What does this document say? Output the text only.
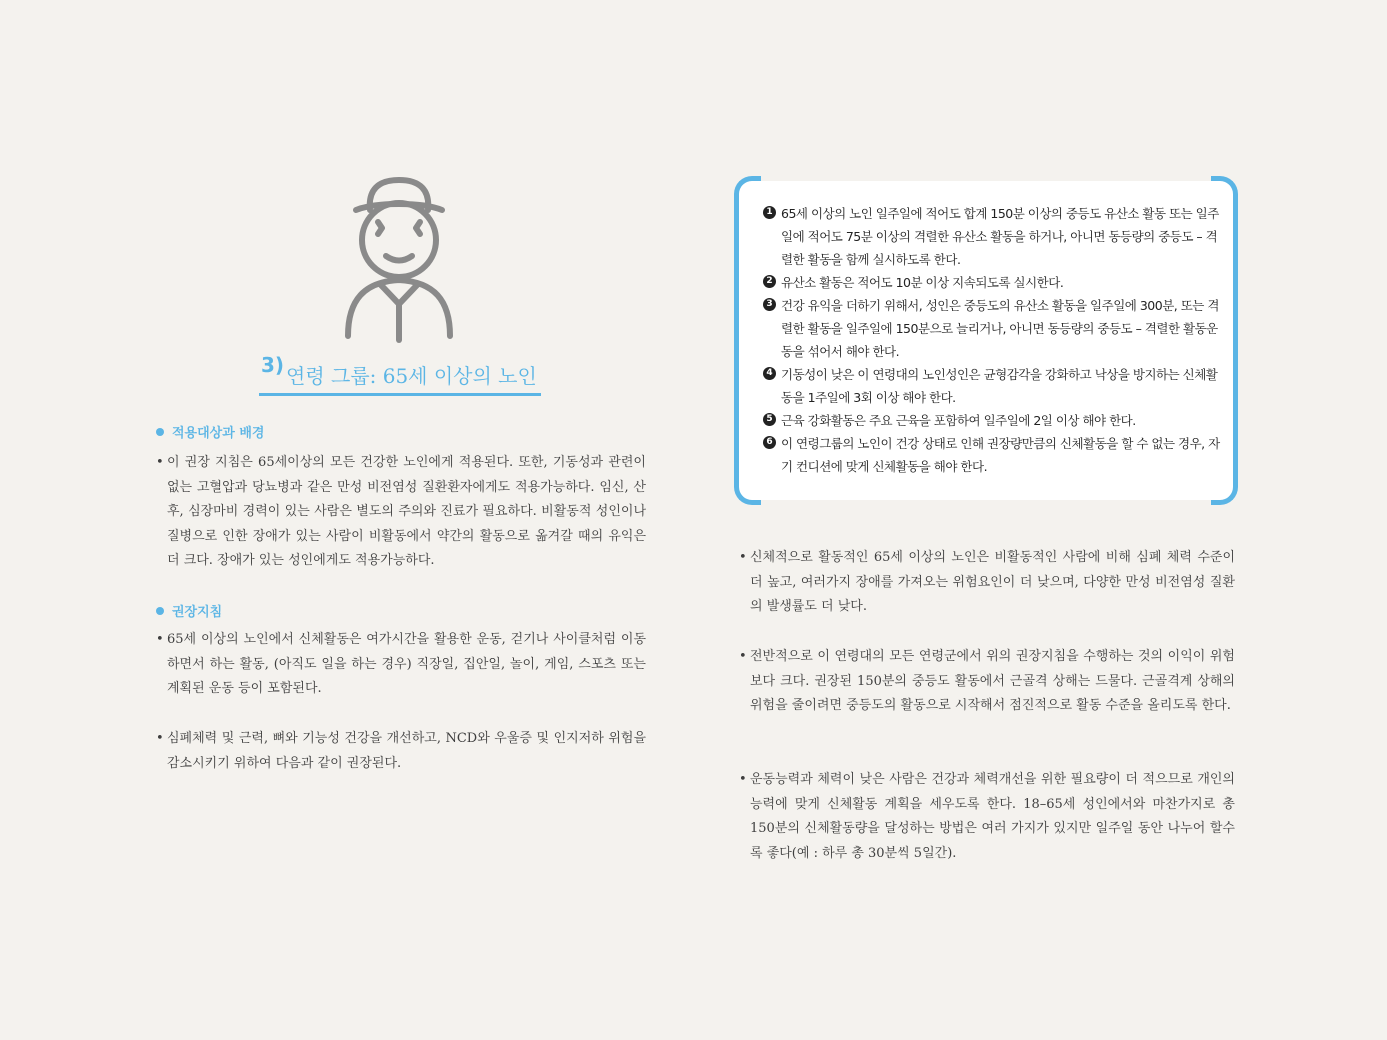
3) 연령 그룹: 65세 이상의 노인
적용대상과 배경
• 이 권장 지침은 65세이상의 모든 건강한 노인에게 적용된다. 또한, 기동성과 관련이 없는 고혈압과 당뇨병과 같은 만성 비전염성 질환환자에게도 적용가능하다. 임신, 산후, 심장마비 경력이 있는 사람은 별도의 주의와 진료가 필요하다. 비활동적 성인이나 질병으로 인한 장애가 있는 사람이 비활동에서 약간의 활동으로 옮겨갈 때의 유익은 더 크다. 장애가 있는 성인에게도 적용가능하다.
권장지침
• 65세 이상의 노인에서 신체활동은 여가시간을 활용한 운동, 걷기나 사이클처럼 이동하면서 하는 활동, (아직도 일을 하는 경우) 직장일, 집안일, 놀이, 게임, 스포츠 또는 계획된 운동 등이 포함된다.
• 심폐체력 및 근력, 뼈와 기능성 건강을 개선하고, NCD와 우울증 및 인지저하 위험을 감소시키기 위하여 다음과 같이 권장된다.
1 65세 이상의 노인 일주일에 적어도 합계 150분 이상의 중등도 유산소 활동 또는 일주일에 적어도 75분 이상의 격렬한 유산소 활동을 하거나, 아니면 동등량의 중등도 – 격렬한 활동을 함께 실시하도록 한다.
2 유산소 활동은 적어도 10분 이상 지속되도록 실시한다.
3 건강 유익을 더하기 위해서, 성인은 중등도의 유산소 활동을 일주일에 300분, 또는 격렬한 활동을 일주일에 150분으로 늘리거나, 아니면 동등량의 중등도 – 격렬한 활동운동을 섞어서 해야 한다.
4 기동성이 낮은 이 연령대의 노인성인은 균형감각을 강화하고 낙상을 방지하는 신체활동을 1주일에 3회 이상 해야 한다.
5 근육 강화활동은 주요 근육을 포함하여 일주일에 2일 이상 해야 한다.
6 이 연령그룹의 노인이 건강 상태로 인해 권장량만큼의 신체활동을 할 수 없는 경우, 자기 컨디션에 맞게 신체활동을 해야 한다.
• 신체적으로 활동적인 65세 이상의 노인은 비활동적인 사람에 비해 심폐 체력 수준이 더 높고, 여러가지 장애를 가져오는 위험요인이 더 낮으며, 다양한 만성 비전염성 질환의 발생률도 더 낮다.
• 전반적으로 이 연령대의 모든 연령군에서 위의 권장지침을 수행하는 것의 이익이 위험보다 크다. 권장된 150분의 중등도 활동에서 근골격 상해는 드물다. 근골격계 상해의 위험을 줄이려면 중등도의 활동으로 시작해서 점진적으로 활동 수준을 올리도록 한다.
• 운동능력과 체력이 낮은 사람은 건강과 체력개선을 위한 필요량이 더 적으므로 개인의 능력에 맞게 신체활동 계획을 세우도록 한다. 18–65세 성인에서와 마찬가지로 총 150분의 신체활동량을 달성하는 방법은 여러 가지가 있지만 일주일 동안 나누어 할수록 좋다(예 : 하루 총 30분씩 5일간).
